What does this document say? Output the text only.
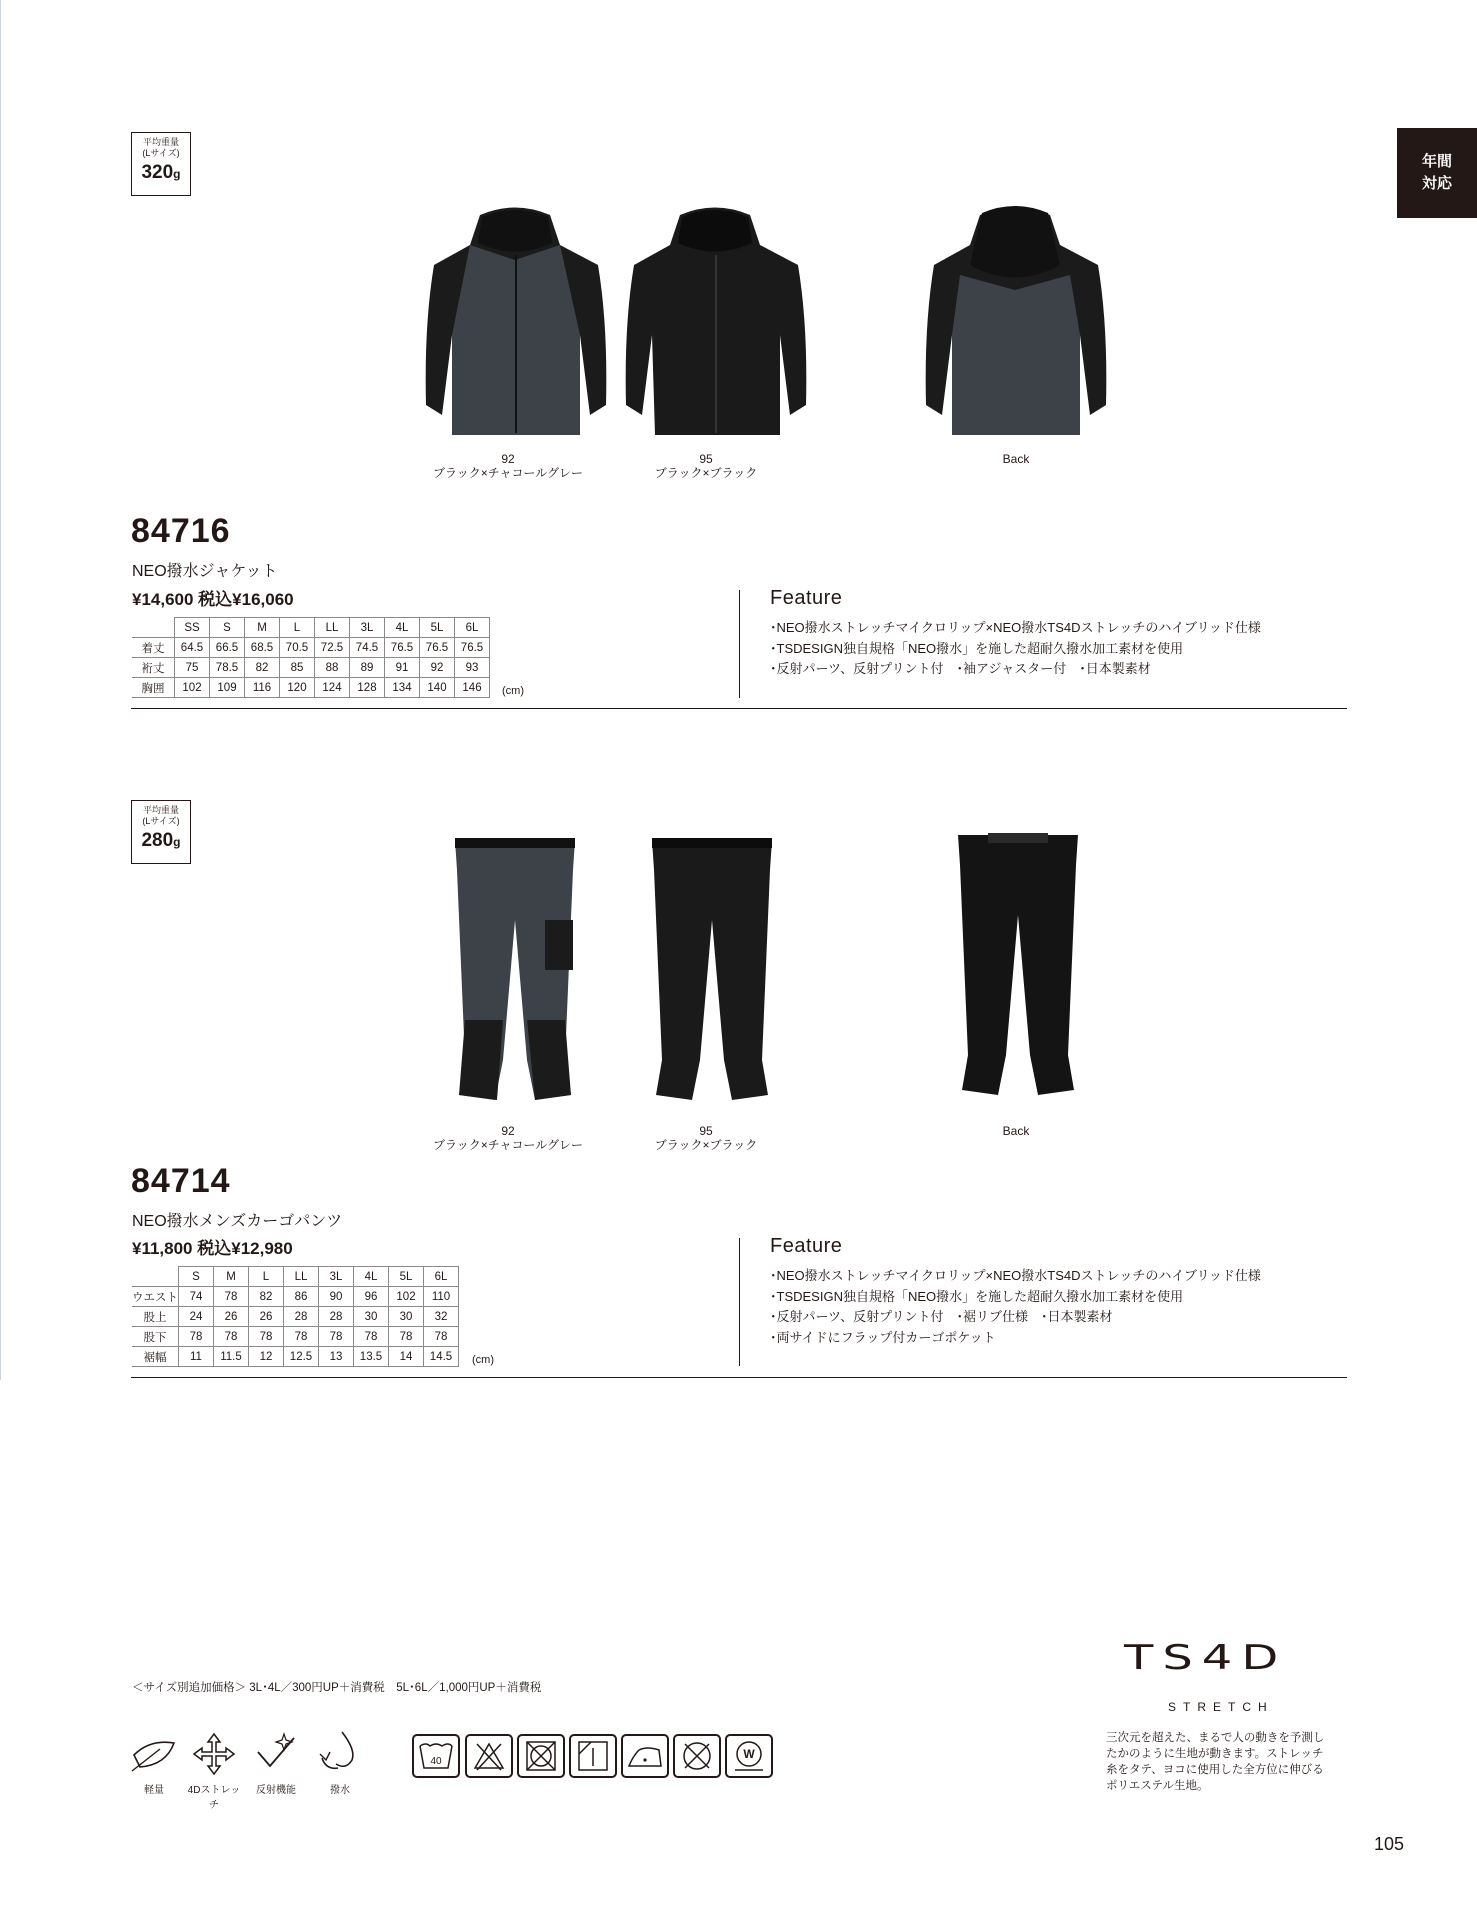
年間
対応
平均重量
(Lサイズ)
320g
92
ブラック×チャコールグレー
95
ブラック×ブラック
Back
84716
NEO撥水ジャケット
¥14,600 税込¥16,060
	SS	S	M	L	LL	3L	4L	5L	6L
着丈	64.5	66.5	68.5	70.5	72.5	74.5	76.5	76.5	76.5
裄丈	75	78.5	82	85	88	89	91	92	93
胸囲	102	109	116	120	124	128	134	140	146 (cm)
Feature
･NEO撥水ストレッチマイクロリップ×NEO撥水TS4Dストレッチのハイブリッド仕様
･TSDESIGN独自規格「NEO撥水」を施した超耐久撥水加工素材を使用
･反射パーツ、反射プリント付　･袖アジャスター付　･日本製素材
平均重量
(Lサイズ)
280g
92
ブラック×チャコールグレー
95
ブラック×ブラック
Back
84714
NEO撥水メンズカーゴパンツ
¥11,800 税込¥12,980
	S	M	L	LL	3L	4L	5L	6L
ウエスト	74	78	82	86	90	96	102	110
股上	24	26	26	28	28	30	30	32
股下	78	78	78	78	78	78	78	78
裾幅	11	11.5	12	12.5	13	13.5	14	14.5 (cm)
Feature
･NEO撥水ストレッチマイクロリップ×NEO撥水TS4Dストレッチのハイブリッド仕様
･TSDESIGN独自規格「NEO撥水」を施した超耐久撥水加工素材を使用
･反射パーツ、反射プリント付　･裾リブ仕様　･日本製素材
･両サイドにフラップ付カーゴポケット
＜サイズ別追加価格＞ 3L･4L／300円UP＋消費税　5L･6L／1,000円UP＋消費税
軽量	4Dストレッチ
反射機能	撥水
40
W
TS4D
STRETCH
三次元を超えた、まるで人の動きを予測し
たかのように生地が動きます。ストレッチ
糸をタテ、ヨコに使用した全方位に伸びる
ポリエステル生地。
105
